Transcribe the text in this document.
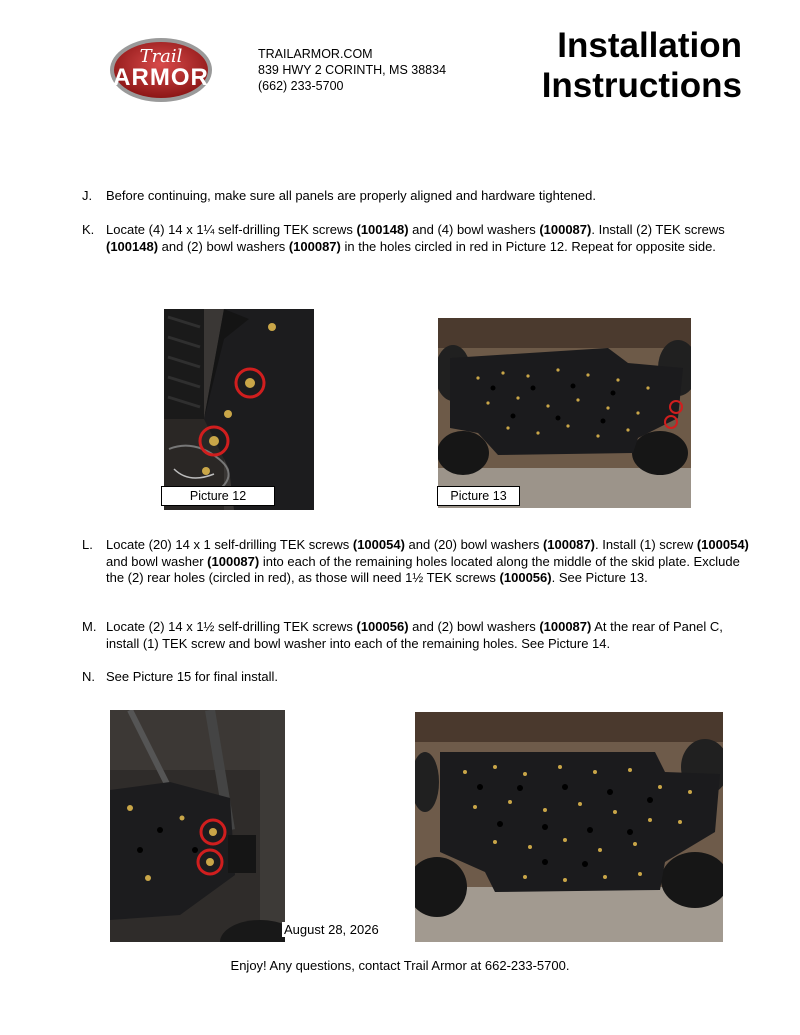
Trail
ARMOR
TRAILARMOR.COM
839 HWY 2 CORINTH, MS 38834
(662) 233-5700
Installation
Instructions
J.	Before continuing, make sure all panels are properly aligned and hardware tightened.
K. Locate (4) 14 x 1¼ self-drilling TEK screws (100148) and (4) bowl washers (100087). Install (2) TEK screws (100148) and (2) bowl washers (100087) in the holes circled in red in Picture 12. Repeat for opposite side.
Picture 12	Picture 13
L.	Locate (20) 14 x 1 self-drilling TEK screws (100054) and (20) bowl washers (100087). Install (1) screw (100054) and bowl washer (100087) into each of the remaining holes located along the middle of the skid plate. Exclude the (2) rear holes (circled in red), as those will need 1½ TEK screws (100056). See Picture 13.
M. Locate (2) 14 x 1½ self-drilling TEK screws (100056) and (2) bowl washers (100087) At the rear of Panel C, install (1) TEK screw and bowl washer into each of the remaining holes. See Picture 14.
N. See Picture 15 for final install.
August 28, 2026
Enjoy! Any questions, contact Trail Armor at 662-233-5700.
